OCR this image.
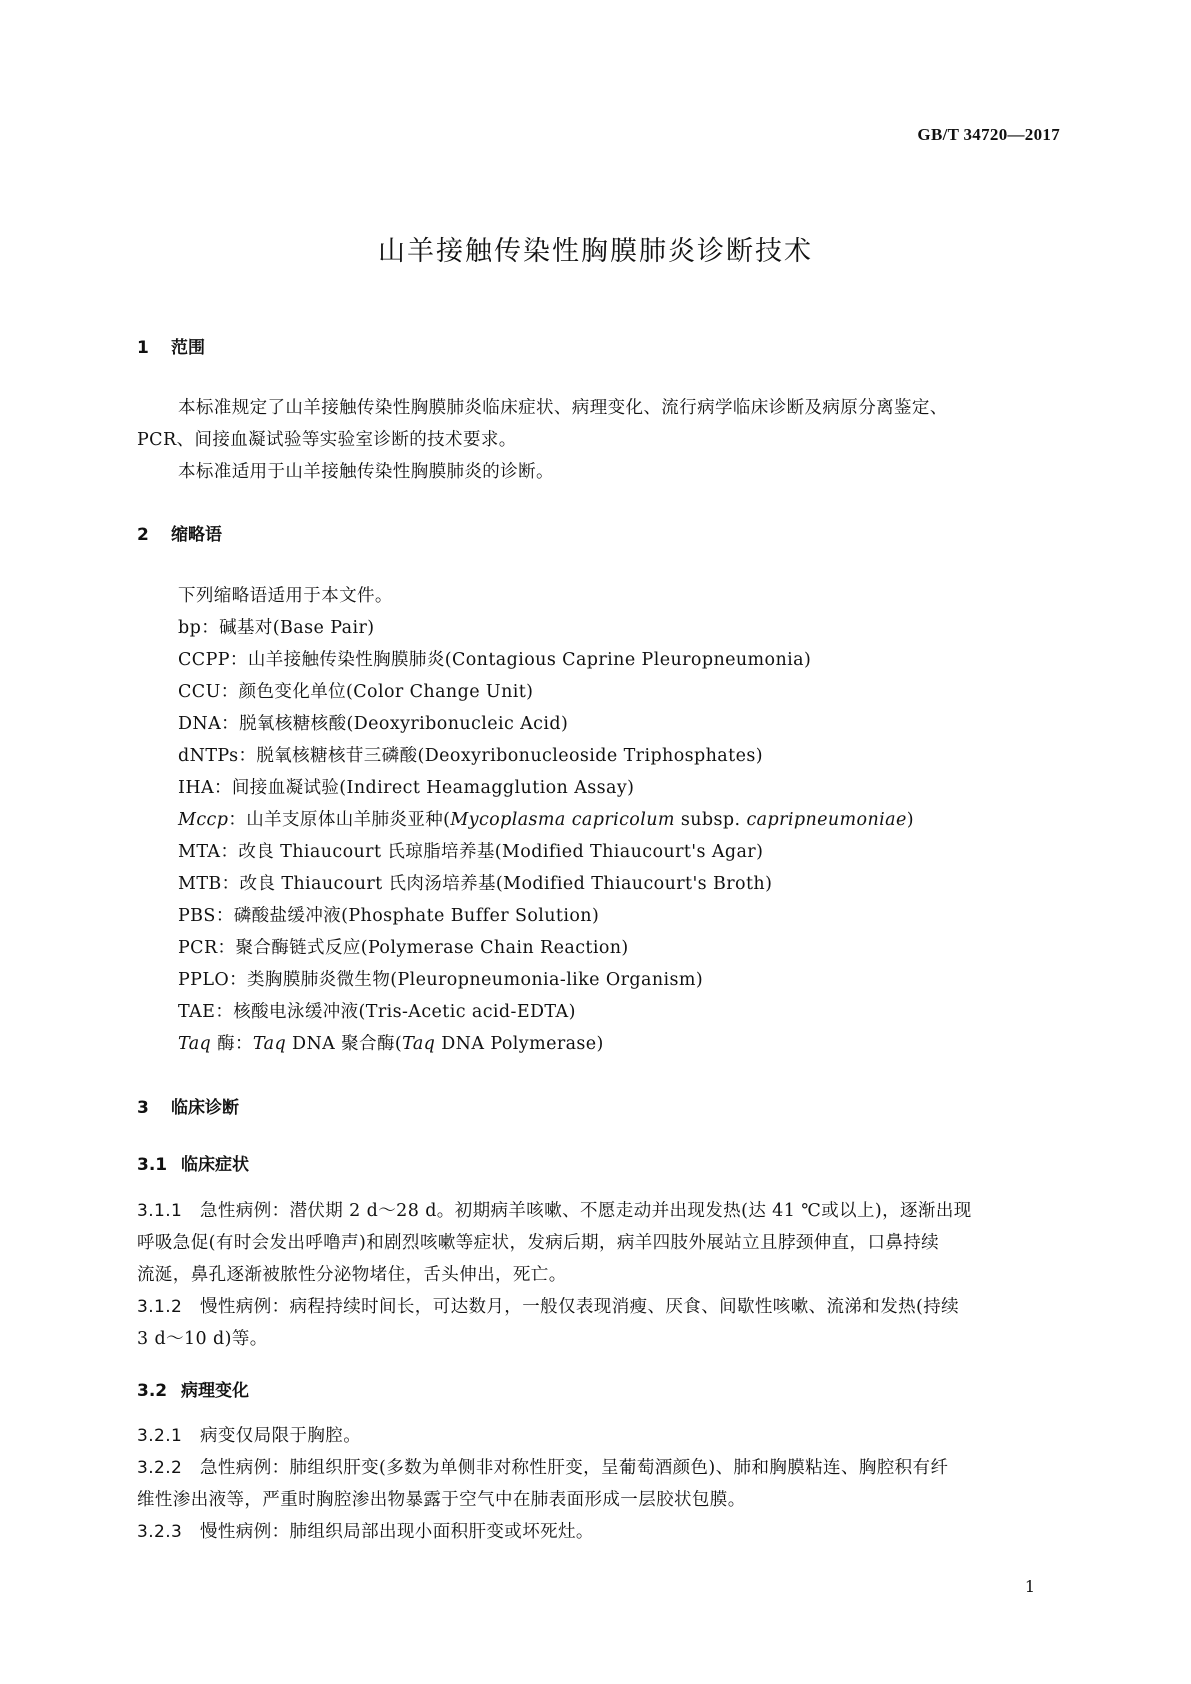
GB/T 34720—2017
山羊接触传染性胸膜肺炎诊断技术
1 范围
本标准规定了山羊接触传染性胸膜肺炎临床症状、病理变化、流行病学临床诊断及病原分离鉴定、
PCR、间接血凝试验等实验室诊断的技术要求。
本标准适用于山羊接触传染性胸膜肺炎的诊断。
2 缩略语
下列缩略语适用于本文件。
bp：碱基对(Base Pair)
CCPP：山羊接触传染性胸膜肺炎(Contagious Caprine Pleuropneumonia)
CCU：颜色变化单位(Color Change Unit)
DNA：脱氧核糖核酸(Deoxyribonucleic Acid)
dNTPs：脱氧核糖核苷三磷酸(Deoxyribonucleoside Triphosphates)
IHA：间接血凝试验(Indirect Heamagglution Assay)
Mccp：山羊支原体山羊肺炎亚种(Mycoplasma capricolum subsp. capripneumoniae)
MTA：改良 Thiaucourt 氏琼脂培养基(Modified Thiaucourt's Agar)
MTB：改良 Thiaucourt 氏肉汤培养基(Modified Thiaucourt's Broth)
PBS：磷酸盐缓冲液(Phosphate Buffer Solution)
PCR：聚合酶链式反应(Polymerase Chain Reaction)
PPLO：类胸膜肺炎微生物(Pleuropneumonia-like Organism)
TAE：核酸电泳缓冲液(Tris-Acetic acid-EDTA)
Taq 酶：Taq DNA 聚合酶(Taq DNA Polymerase)
3 临床诊断
3.1 临床症状
3.1.1 急性病例：潜伏期 2 d～28 d。初期病羊咳嗽、不愿走动并出现发热(达 41 ℃或以上)，逐渐出现
呼吸急促(有时会发出呼噜声)和剧烈咳嗽等症状，发病后期，病羊四肢外展站立且脖颈伸直，口鼻持续
流涎，鼻孔逐渐被脓性分泌物堵住，舌头伸出，死亡。
3.1.2 慢性病例：病程持续时间长，可达数月，一般仅表现消瘦、厌食、间歇性咳嗽、流涕和发热(持续
3 d～10 d)等。
3.2 病理变化
3.2.1 病变仅局限于胸腔。
3.2.2 急性病例：肺组织肝变(多数为单侧非对称性肝变，呈葡萄酒颜色)、肺和胸膜粘连、胸腔积有纤
维性渗出液等，严重时胸腔渗出物暴露于空气中在肺表面形成一层胶状包膜。
3.2.3 慢性病例：肺组织局部出现小面积肝变或坏死灶。
1
